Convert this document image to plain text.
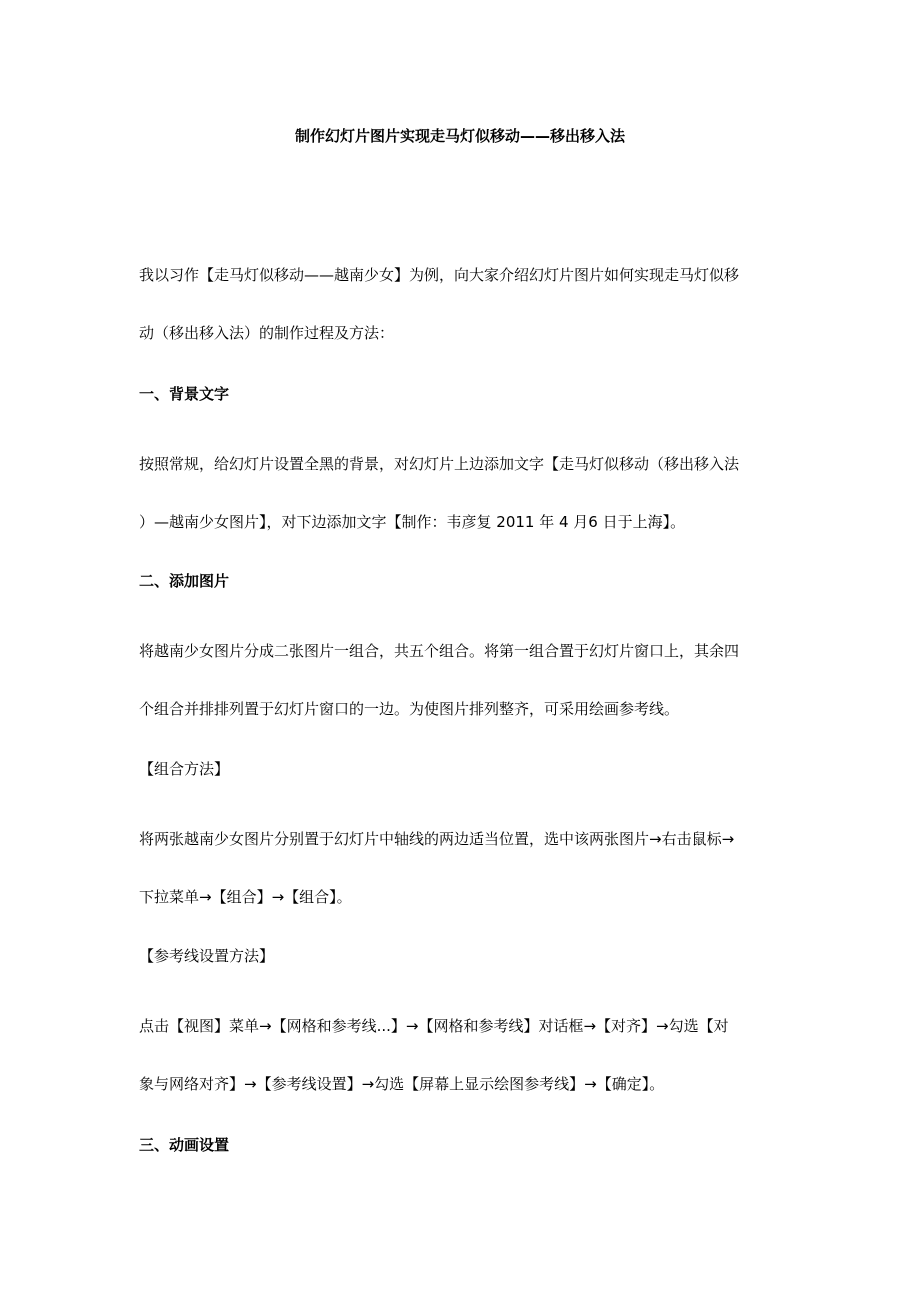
制作幻灯片图片实现走马灯似移动——移出移入法
我以习作【走马灯似移动——越南少女】为例，向大家介绍幻灯片图片如何实现走马灯似移
动（移出移入法）的制作过程及方法：
一、背景文字
按照常规，给幻灯片设置全黑的背景，对幻灯片上边添加文字【走马灯似移动（移出移入法
）—越南少女图片】，对下边添加文字【制作：韦彦复 2011 年 4 月6 日于上海】。
二、添加图片
将越南少女图片分成二张图片一组合，共五个组合。将第一组合置于幻灯片窗口上，其余四
个组合并排排列置于幻灯片窗口的一边。为使图片排列整齐，可采用绘画参考线。
【组合方法】
将两张越南少女图片分别置于幻灯片中轴线的两边适当位置，选中该两张图片→右击鼠标→
下拉菜单→【组合】→【组合】。
【参考线设置方法】
点击【视图】菜单→【网格和参考线...】→【网格和参考线】对话框→【对齐】→勾选【对
象与网络对齐】→【参考线设置】→勾选【屏幕上显示绘图参考线】→【确定】。
三、动画设置
